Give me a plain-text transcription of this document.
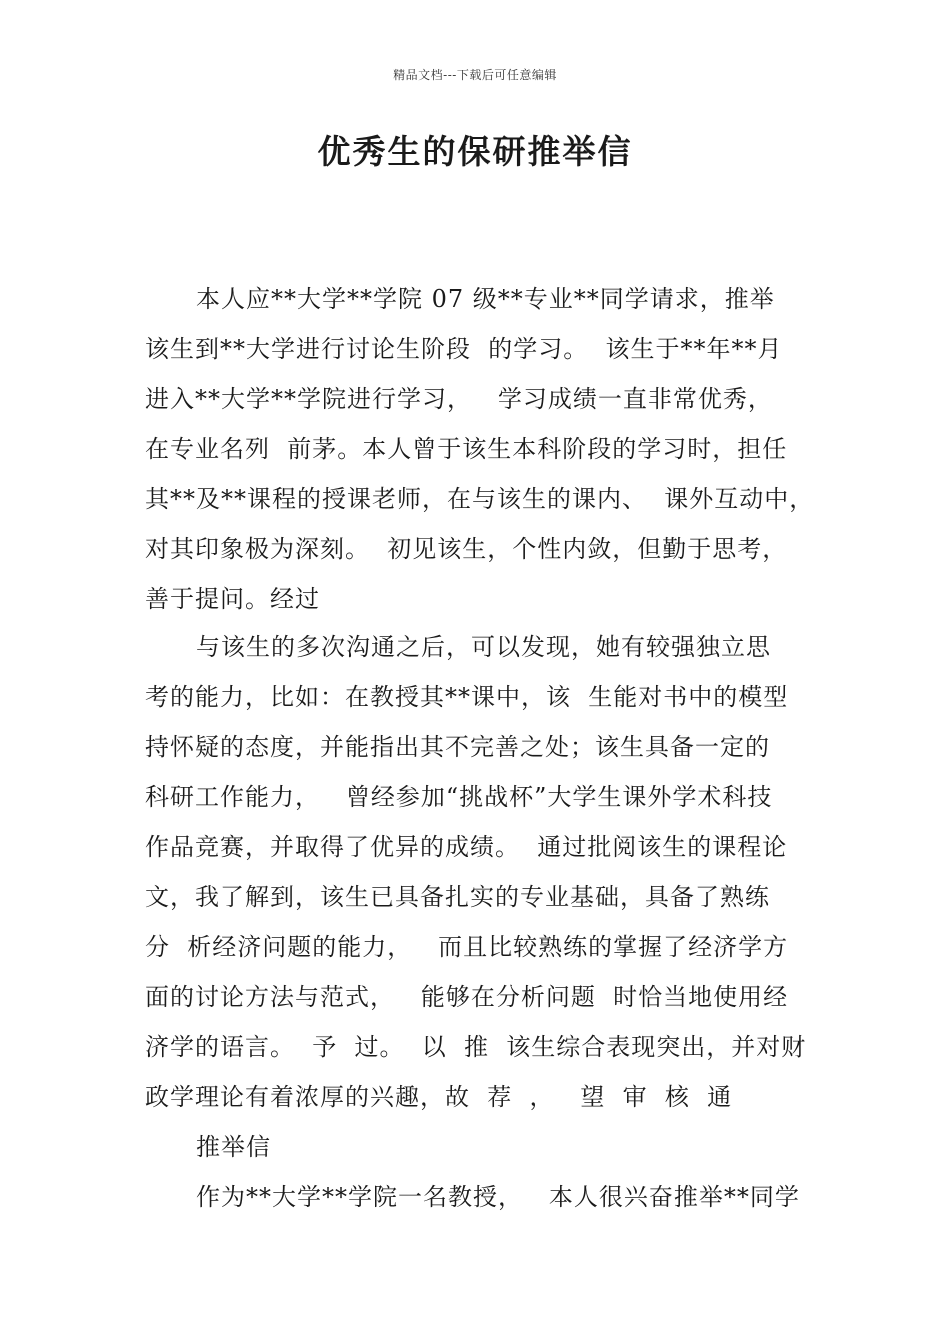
精品文档---下载后可任意编辑
优秀生的保研推举信
本人应**大学**学院 07 级**专业**同学请求，推举
该生到**大学进行讨论生阶段  的学习。  该生于**年**月
进入**大学**学院进行学习，   学习成绩一直非常优秀，
在专业名列  前茅。本人曾于该生本科阶段的学习时，担任
其**及**课程的授课老师，在与该生的课内、  课外互动中，
对其印象极为深刻。  初见该生，个性内敛，但勤于思考，
善于提问。经过
与该生的多次沟通之后，可以发现，她有较强独立思
考的能力，比如：在教授其**课中，该  生能对书中的模型
持怀疑的态度，并能指出其不完善之处；该生具备一定的
科研工作能力，   曾经参加“挑战杯”大学生课外学术科技
作品竞赛，并取得了优异的成绩。  通过批阅该生的课程论
文，我了解到，该生已具备扎实的专业基础，具备了熟练
分  析经济问题的能力，   而且比较熟练的掌握了经济学方
面的讨论方法与范式，   能够在分析问题  时恰当地使用经
济学的语言。  予  过。  以  推  该生综合表现突出，并对财
政学理论有着浓厚的兴趣，故  荐  ，   望  审  核  通
推举信
作为**大学**学院一名教授，   本人很兴奋推举**同学
